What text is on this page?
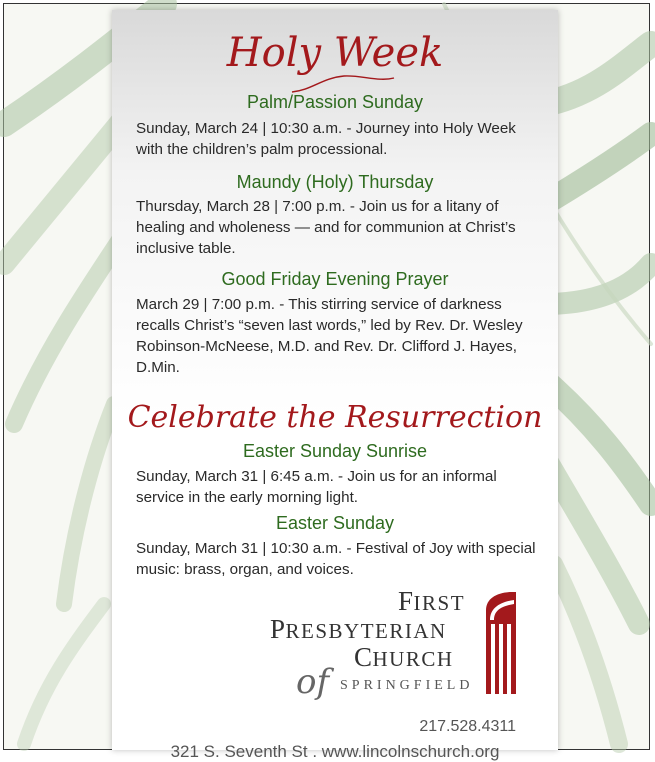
Holy Week
Palm/Passion Sunday

Sunday, March 24 | 10:30 a.m. - Journey into Holy Week with the children’s palm processional.

Maundy (Holy) Thursday

Thursday, March 28 | 7:00 p.m. - Join us for a litany of healing and wholeness — and for communion at Christ’s inclusive table.

Good Friday Evening Prayer

March 29 | 7:00 p.m. - This stirring service of darkness recalls Christ’s “seven last words,” led by Rev. Dr. Wesley Robinson-McNeese, M.D. and Rev. Dr. Clifford J. Hayes, D.Min.

Celebrate the Resurrection
Easter Sunday Sunrise

Sunday, March 31 | 6:45 a.m. - Join us for an informal service in the early morning light.

Easter Sunday

Sunday, March 31 | 10:30 a.m. - Festival of Joy with special music: brass, organ, and voices.

FIRST

PRESBYTERIAN

CHURCH

of SPRINGFIELD

217.528.4311

321 S. Seventh St . www.lincolnschurch.org
